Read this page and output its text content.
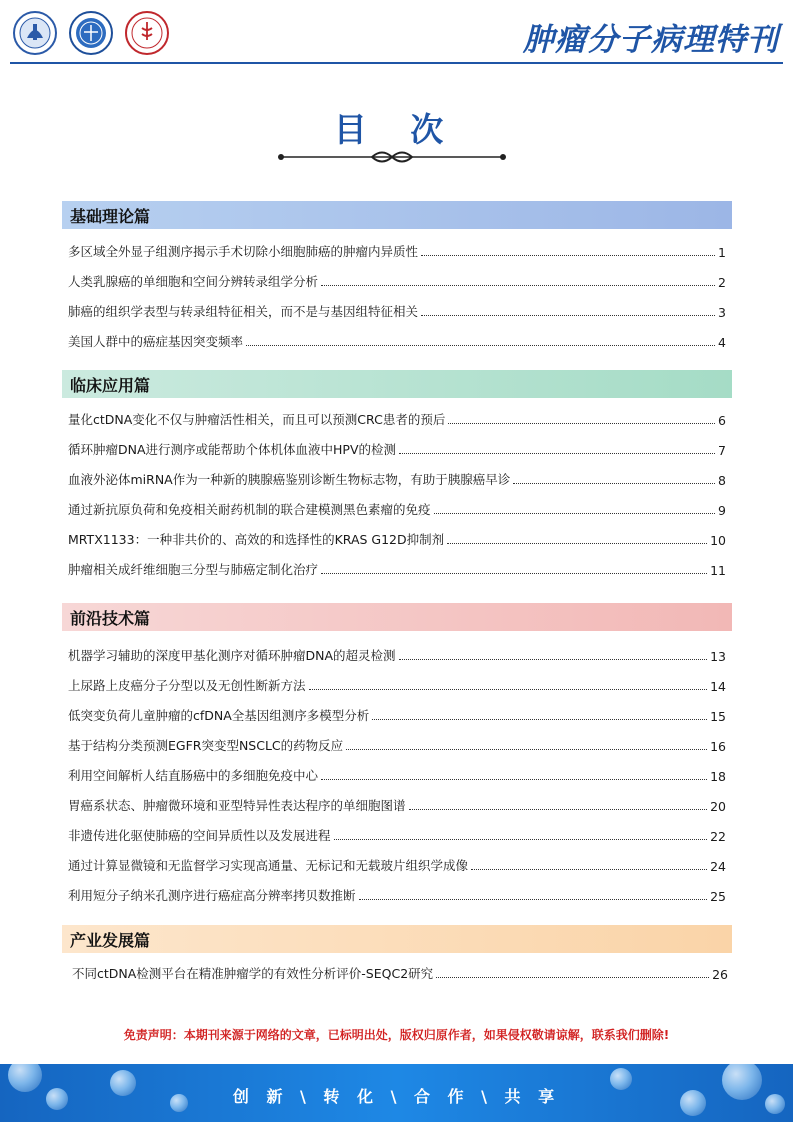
肿瘤分子病理特刊
目 次
基础理论篇
多区域全外显子组测序揭示手术切除小细胞肺癌的肿瘤内异质性	1
人类乳腺癌的单细胞和空间分辨转录组学分析	2
肺癌的组织学表型与转录组特征相关，而不是与基因组特征相关	3
美国人群中的癌症基因突变频率	4
临床应用篇
量化ctDNA变化不仅与肿瘤活性相关，而且可以预测CRC患者的预后	6
循环肿瘤DNA进行测序或能帮助个体机体血液中HPV的检测	7
血液外泌体miRNA作为一种新的胰腺癌鉴别诊断生物标志物，有助于胰腺癌早诊	8
通过新抗原负荷和免疫相关耐药机制的联合建模测黑色素瘤的免疫	9
MRTX1133：一种非共价的、高效的和选择性的KRAS G12D抑制剂	10
肿瘤相关成纤维细胞三分型与肺癌定制化治疗	11
前沿技术篇
机器学习辅助的深度甲基化测序对循环肿瘤DNA的超灵检测	13
上尿路上皮癌分子分型以及无创性断新方法	14
低突变负荷儿童肿瘤的cfDNA全基因组测序多模型分析	15
基于结构分类预测EGFR突变型NSCLC的药物反应	16
利用空间解析人结直肠癌中的多细胞免疫中心	18
胃癌系状态、肿瘤微环境和亚型特异性表达程序的单细胞图谱	20
非遗传进化驱使肺癌的空间异质性以及发展进程	22
通过计算显微镜和无监督学习实现高通量、无标记和无载玻片组织学成像	24
利用短分子纳米孔测序进行癌症高分辨率拷贝数推断	25
产业发展篇
不同ctDNA检测平台在精准肿瘤学的有效性分析评价-SEQC2研究	26
免责声明：本期刊来源于网络的文章，已标明出处，版权归原作者，如果侵权敬请谅解，联系我们删除!
创 新 \ 转 化 \ 合 作 \ 共 享
